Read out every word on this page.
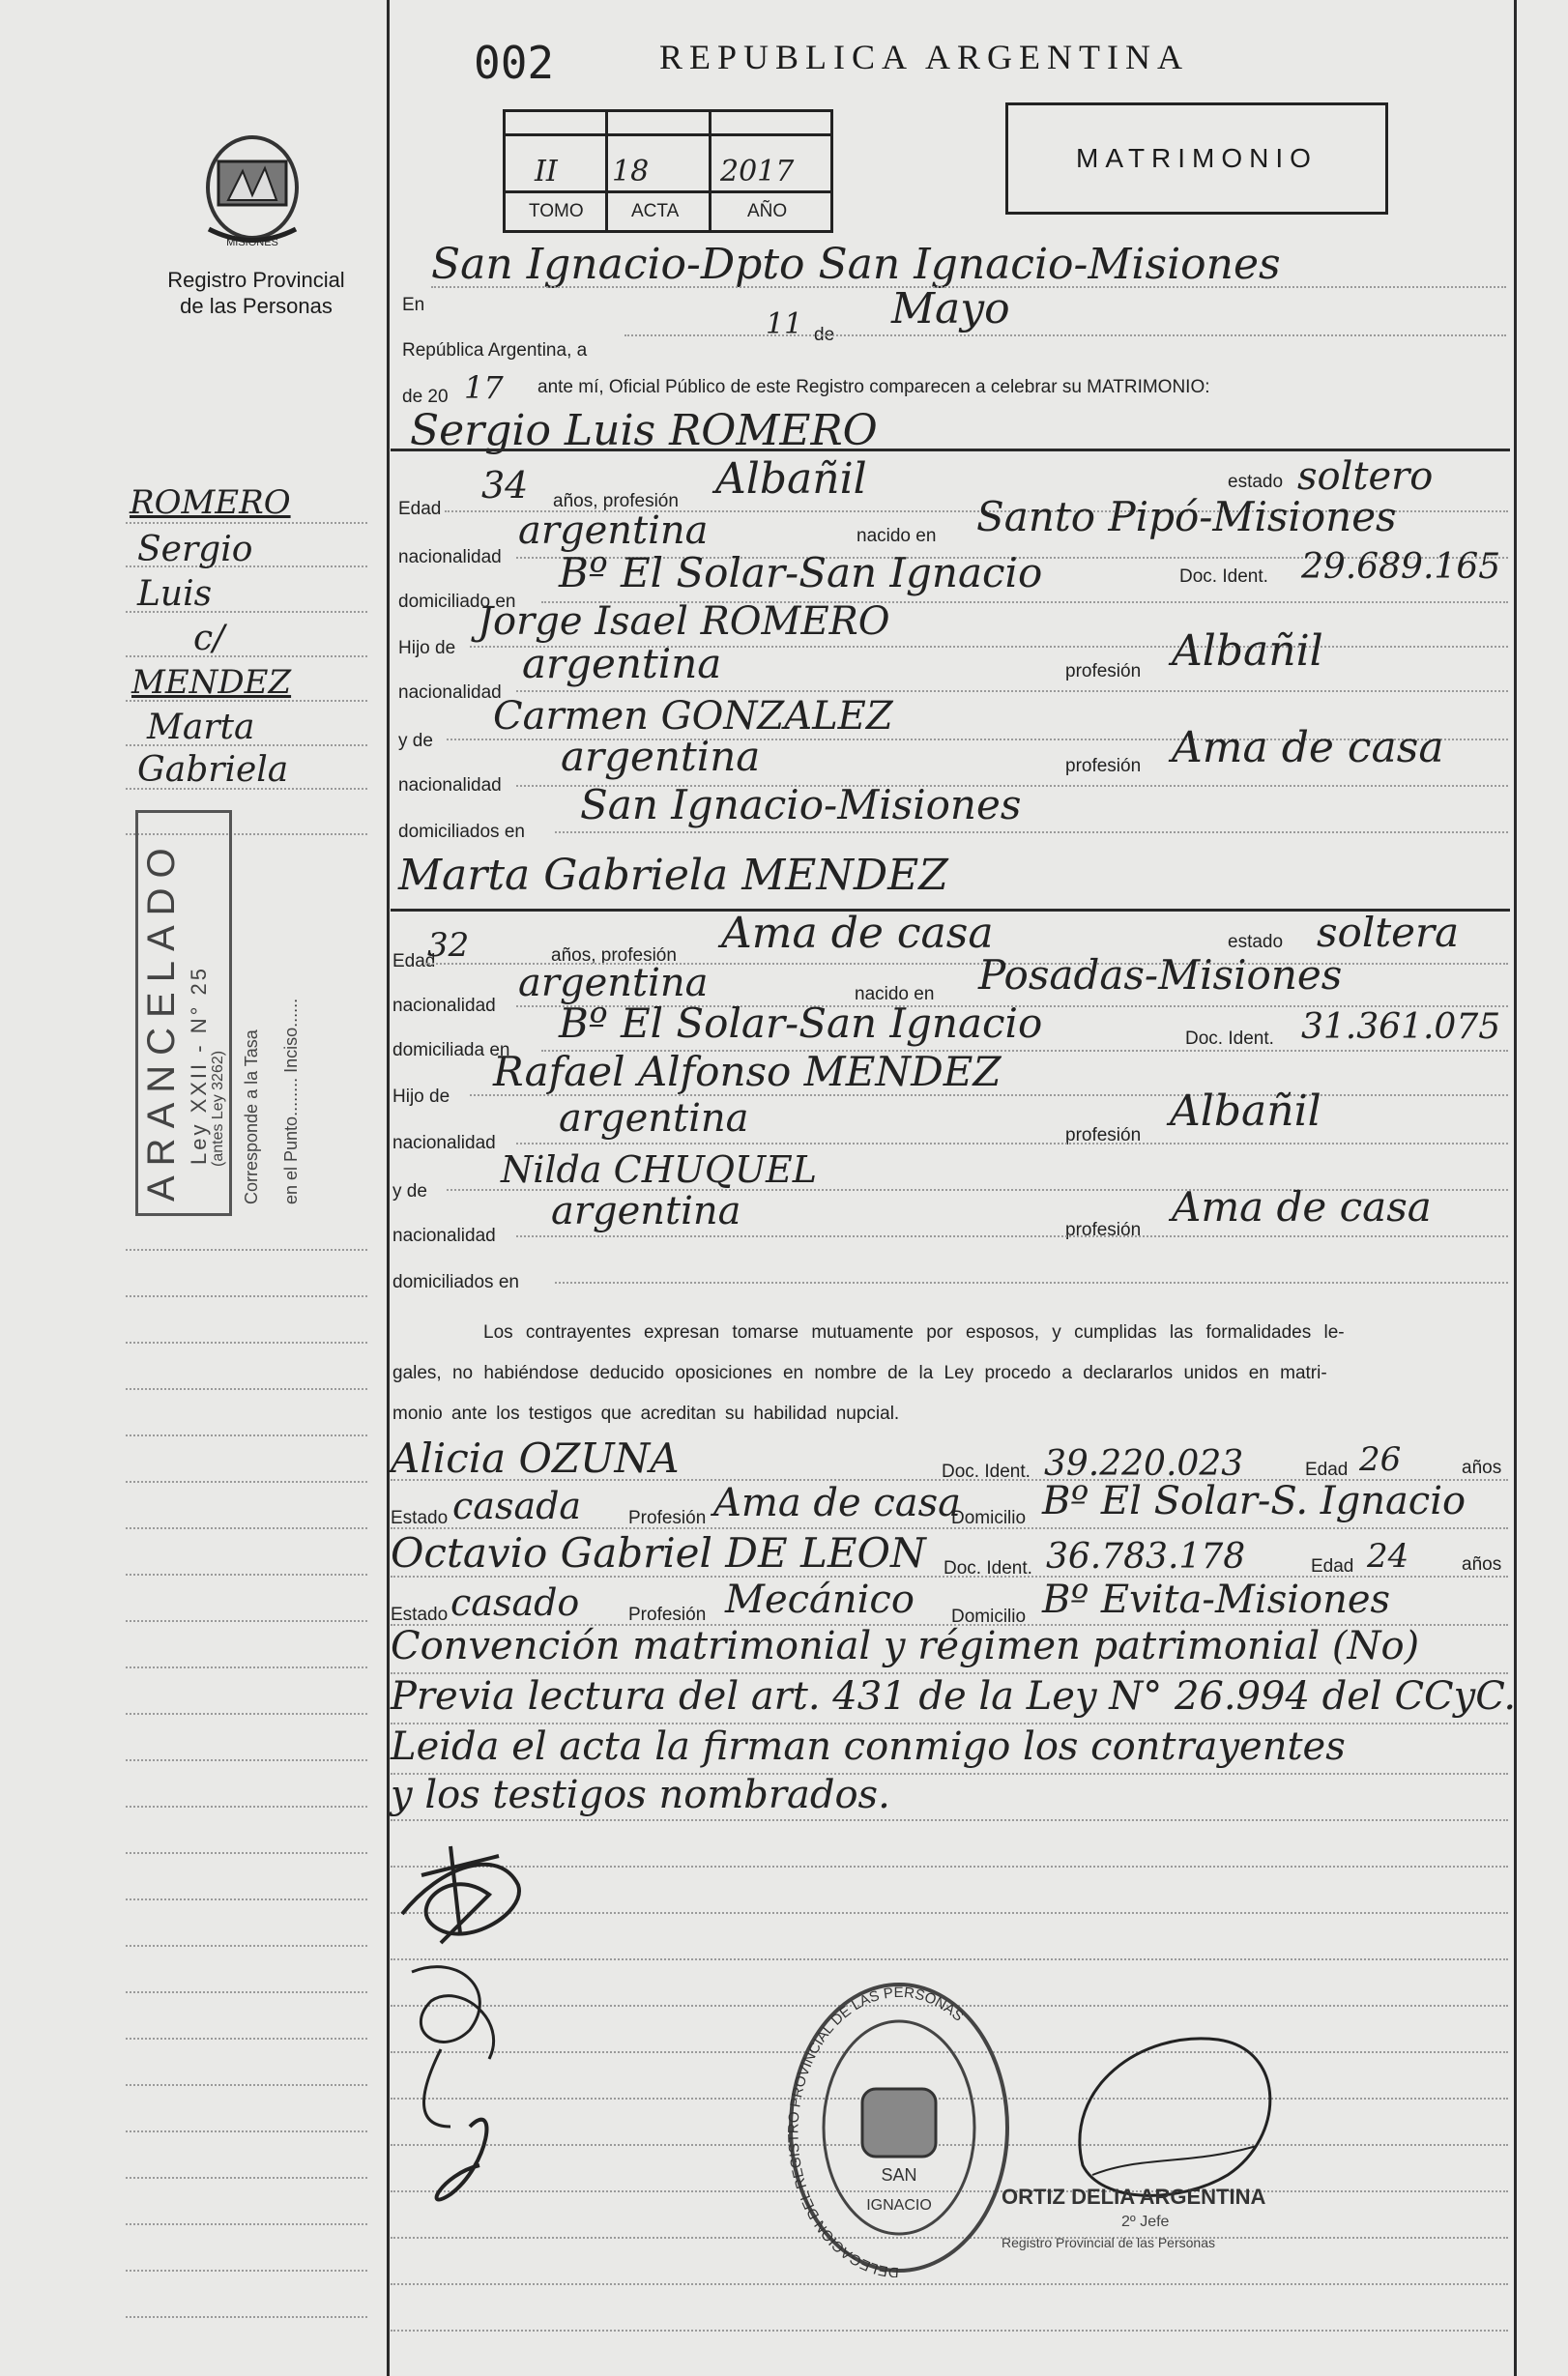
002	REPUBLICA ARGENTINA
MATRIMONIO
II 18 2017
TOMO	ACTA	AÑO
MISIONES
Registro Provincial
de las Personas
ROMERO
Sergio
Luis
c/
MENDEZ
Marta
Gabriela
ARANCELADO Ley XXII - N° 25 (antes Ley 3262) Corresponde a la Tasa en el Punto........ Inciso......
En
San Ignacio-Dpto San Ignacio-Misiones
República Argentina, a
11 de
Mayo
de 20 17 ante mí, Oficial Público de este Registro comparecen a celebrar su MATRIMONIO:
Sergio Luis ROMERO
Edad
34 años, profesión Albañil	estado soltero
nacionalidad
argentina	nacido en Santo Pipó-Misiones
domiciliado en
Bº El Solar-San Ignacio	Doc. Ident. 29.689.165
Hijo de
Jorge Isael ROMERO
nacionalidad
argentina	profesión Albañil
y de
Carmen GONZALEZ
nacionalidad
argentina	profesión Ama de casa
domiciliados en
San Ignacio-Misiones
Marta Gabriela MENDEZ
Edad
32	años, profesión Ama de casa	estado soltera
nacionalidad
argentina	nacido en Posadas-Misiones
domiciliada en
Bº El Solar-San Ignacio	Doc. Ident. 31.361.075
Hijo de
Rafael Alfonso MENDEZ
nacionalidad
argentina	profesión Albañil
y de
Nilda CHUQUEL
nacionalidad
argentina	profesión Ama de casa
domiciliados en
Los contrayentes expresan tomarse mutuamente por esposos, y cumplidas las formalidades le-
gales, no habiéndose deducido oposiciones en nombre de la Ley procedo a declararlos unidos en matri-
monio ante los testigos que acreditan su habilidad nupcial.
Alicia OZUNA	Doc. Ident. 39.220.023	Edad 26	años
Estado casada	Profesión Ama de casa
Domicilio Bº El Solar-S. Ignacio
Octavio Gabriel DE LEON Doc. Ident. 36.783.178	Edad 24	años
Estado casado	Profesión Mecánico Domicilio Bº Evita-Misiones
Convención matrimonial y régimen patrimonial (No)
Previa lectura del art. 431 de la Ley N° 26.994 del CCyC.
Leida el acta la firman conmigo los contrayentes
y los testigos nombrados.
SAN
IGNACIO
DELEGACION DEL REGISTRO PROVINCIAL DE LAS PERSONAS
ORTIZ DELIA ARGENTINA
2º Jefe
Registro Provincial de las Personas
